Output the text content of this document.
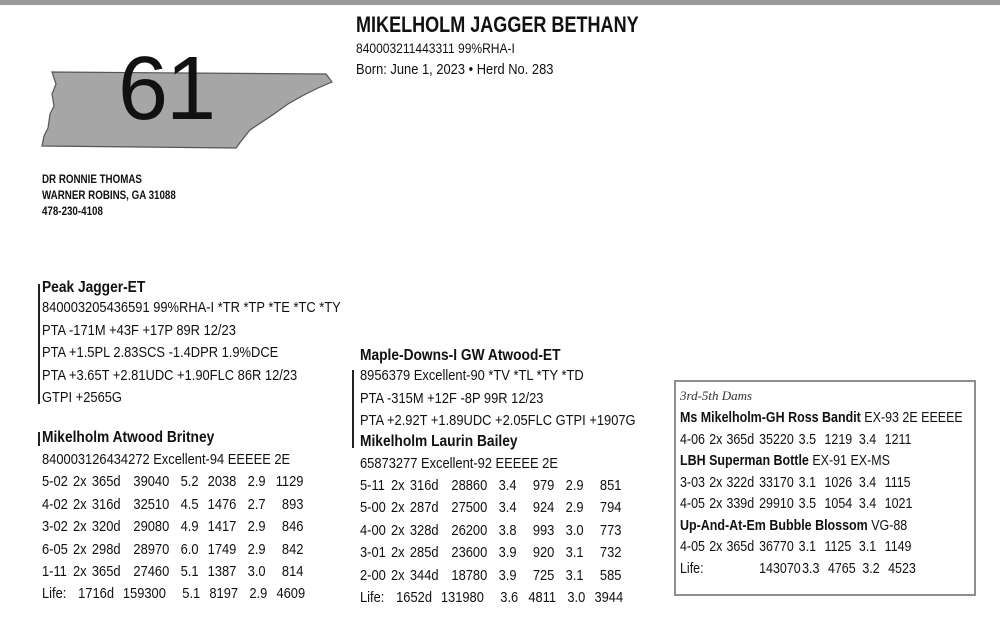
61
MIKELHOLM JAGGER BETHANY
840003211443311 99%RHA-I
Born: June 1, 2023 • Herd No. 283
DR RONNIE THOMAS
WARNER ROBINS, GA 31088
478-230-4108
Peak Jagger-ET
840003205436591 99%RHA-I *TR *TP *TE *TC *TY
PTA -171M +43F +17P 89R 12/23
PTA +1.5PL 2.83SCS -1.4DPR 1.9%DCE
PTA +3.65T +2.81UDC +1.90FLC 86R 12/23
GTPI +2565G
Mikelholm Atwood Britney
840003126434272 Excellent-94 EEEEE 2E
5-02 2x 365d 39040 5.2 2038 2.9 1129
4-02 2x 316d 32510 4.5 1476 2.7 893
3-02 2x 320d 29080 4.9 1417 2.9 846
6-05 2x 298d 28970 6.0 1749 2.9 842
1-11 2x 365d 27460 5.1 1387 3.0 814
Life: 1716d 159300 5.1 8197 2.9 4609
Maple-Downs-I GW Atwood-ET
8956379 Excellent-90 *TV *TL *TY *TD
PTA -315M +12F -8P 99R 12/23
PTA +2.92T +1.89UDC +2.05FLC GTPI +1907G
Mikelholm Laurin Bailey
65873277 Excellent-92 EEEEE 2E
5-11 2x 316d 28860 3.4 979 2.9 851
5-00 2x 287d 27500 3.4 924 2.9 794
4-00 2x 328d 26200 3.8 993 3.0 773
3-01 2x 285d 23600 3.9 920 3.1 732
2-00 2x 344d 18780 3.9 725 3.1 585
Life: 1652d 131980 3.6 4811 3.0 3944
3rd-5th Dams
Ms Mikelholm-GH Ross Bandit EX-93 2E EEEEE
4-06 2x 365d 35220 3.5 1219 3.4 1211
LBH Superman Bottle EX-91 EX-MS
3-03 2x 322d 33170 3.1 1026 3.4 1115
4-05 2x 339d 29910 3.5 1054 3.4 1021
Up-And-At-Em Bubble Blossom VG-88
4-05 2x 365d 36770 3.1 1125 3.1 1149
Life:	1430703.3 4765 3.2 4523
